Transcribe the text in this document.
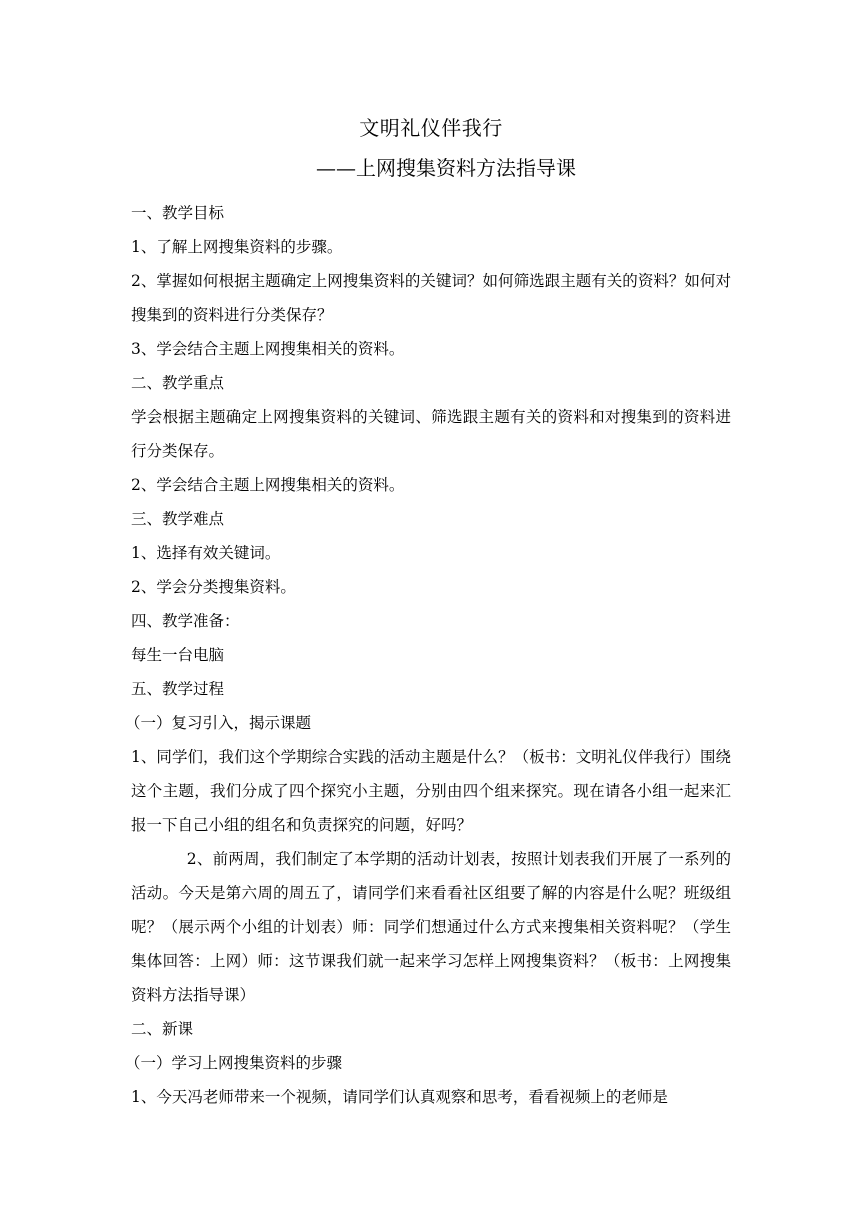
文明礼仪伴我行
——上网搜集资料方法指导课

一、教学目标

1、了解上网搜集资料的步骤。

2、掌握如何根据主题确定上网搜集资料的关键词？如何筛选跟主题有关的资料？如何对搜集到的资料进行分类保存？

3、学会结合主题上网搜集相关的资料。

二、教学重点

学会根据主题确定上网搜集资料的关键词、筛选跟主题有关的资料和对搜集到的资料进行分类保存。

2、学会结合主题上网搜集相关的资料。

三、教学难点

1、选择有效关键词。

2、学会分类搜集资料。

四、教学准备：

每生一台电脑

五、教学过程

（一）复习引入，揭示课题

1、同学们，我们这个学期综合实践的活动主题是什么？（板书：文明礼仪伴我行）围绕这个主题，我们分成了四个探究小主题，分别由四个组来探究。现在请各小组一起来汇报一下自己小组的组名和负责探究的问题，好吗？

2、前两周，我们制定了本学期的活动计划表，按照计划表我们开展了一系列的活动。今天是第六周的周五了，请同学们来看看社区组要了解的内容是什么呢？班级组呢？（展示两个小组的计划表）师：同学们想通过什么方式来搜集相关资料呢？（学生集体回答：上网）师：这节课我们就一起来学习怎样上网搜集资料？（板书：上网搜集资料方法指导课）

二、新课

（一）学习上网搜集资料的步骤

1、今天冯老师带来一个视频，请同学们认真观察和思考，看看视频上的老师是
